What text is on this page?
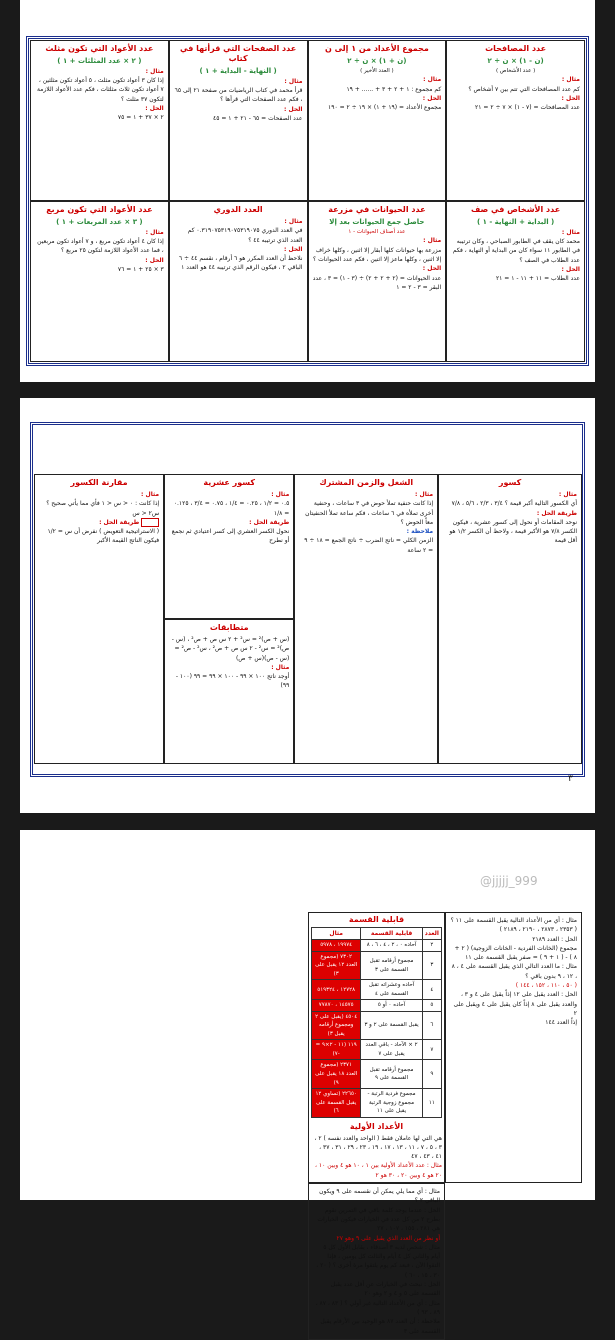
عدد المصافحات
(ن - ١) × ن ÷ ٢
( عدد الأشخاص )
مثال :
كم عدد المصافحات التي تتم بين ٧ أشخاص ؟
الحل :
عدد المصافحات = (٧ - ١) × ٧ ÷ ٢ = ٢١
مجموع الأعداد من ١ إلى ن
(ن + ١) × ن ÷ ٢
( العدد الأخير )
مثال :
كم مجموع : ١ + ٢ + ٣ + ...... + ١٩
الحل :
مجموع الأعداد = (١٩ + ١) × ١٩ ÷ ٢ = ١٩٠
عدد الصفحات التي قرأتها في كتاب
( النهاية - البداية + ١ )
مثال :
قرأ محمد في كتاب الرياضيات من صفحة ٢١ إلى ٦٥ ، فكم عدد الصفحات التي قرأها ؟
الحل :
عدد الصفحات = ٦٥ - ٢١ + ١ = ٤٥
عدد الأعواد التي تكون مثلث
( ٢ × عدد المثلثات + ١ )
مثال :
إذا كان ٣ أعواد تكون مثلث ، ٥ أعواد تكون مثلثين ، ٧ أعواد تكون ثلاث مثلثات ، فكم عدد الأعواد اللازمة لتكون ٣٧ مثلث ؟
الحل :
٢ × ٣٧ + ١ = ٧٥
عدد الأشخاص في صف
( البداية + النهاية - ١ )
مثال :
محمد كان يقف في الطابور الصباحي ، وكان ترتيبه في الطابور ١١ سواء كان من البداية أو النهاية ، فكم عدد الطلاب في الصف ؟
الحل :
عدد الطلاب = ١١ + ١١ - ١ = ٢١
عدد الحيوانات في مزرعة
حاصل جمع الحيوانات بعد إلا
عدد أصناف الحيوانات - ١
مثال :
مزرعة بها حيوانات كلها أبقار إلا اثنين ، وكلها خراف إلا اثنين ، وكلها ماعز إلا اثنين ، فكم عدد الحيوانات ؟
الحل :
عدد الحيوانات = (٢ + ٢ + ٢) ÷ (٣ - ١) = ٣ ، عدد البقر = ٣ - ٢ = ١
العدد الدوري
مثال :
في العدد الدوري ٠.٣١٩٠٧٥٣١٩٠٧٥٣١٩٠٧٥ كم العدد الذي ترتيبه ٤٤ ؟
الحل :
نلاحظ أن العدد المكرر هو ٦ أرقام ، نقسم ٤٤ ÷ ٦ الباقي ٢ ، فيكون الرقم الذي ترتيبه ٤٤ هو العدد ١
عدد الأعواد التي تكون مربع
( ٣ × عدد المربعات + ١ )
مثال :
إذا كان ٤ أعواد تكون مربع ، و ٧ أعواد تكون مربعين ، فما عدد الأعواد اللازمة لتكون ٢٥ مربع ؟
الحل :
٣ × ٢٥ + ١ = ٧٦
كسور
مثال :
أي الكسور التالية أكبر قيمة ؟ ٣/٤ ، ٢/٣ ، ٥/٦ ، ٧/٨
طريقة الحل :
نوحد المقامات أو نحول إلى كسور عشرية ، فيكون الكسر ٧/٨ هو الأكبر قيمة ، ولاحظ أن الكسر ١/٢ هو أقل قيمة
الشغل والزمن المشترك
مثال :
إذا كانت حنفية تملأ حوض في ٣ ساعات ، وحنفية أخرى تملأه في ٦ ساعات ، فكم ساعة تملأ الحنفيتان معاً الحوض ؟
ملاحظة :
الزمن الكلي = ناتج الضرب ÷ ناتج الجمع = ١٨ ÷ ٩ = ٢ ساعة
كسور عشرية
مثال :
٠.٥ = ١/٢ ، ٠.٢٥ = ١/٤ ، ٠.٧٥ = ٣/٤ ، ٠.١٢٥ = ١/٨
طريقة الحل :
نحول الكسر العشري إلى كسر اعتيادي ثم نجمع أو نطرح
مقارنة الكسور
مثال :
إذا كانت : ٠ < س < ١ فأي مما يأتي صحيح ؟ س٢ < س
طريقة الحل :
( الاستراتيجية التعويض ) نفرض أن س = ١/٢ فيكون الناتج القيمة الأكبر
متطابقات
(س + ص)² = س² + ٢ س ص + ص² ، (س - ص)² = س² - ٢ س ص + ص² ، س² - ص² = (س - ص)(س + ص)
مثال :
أوجد ناتج ١٠٠ × ٩٩ - ١٠٠ × ٩٩ = ٩٩ (١٠٠ - ٩٩)
٣
@jjjjj_999
قابلية القسمة
العدد	قابلية القسمة	مثال
٢	آحاده ٠ ، ٢ ، ٤ ، ٦ ، ٨	١٩٩٧٤ ، ٥٩٧٨
٣	مجموع أرقامه تقبل القسمة على ٣	٧٣٠٢ (مجموع العدد ١٢ يقبل على ٣)
٤	آحاده وعشراته تقبل القسمة على ٤	١٢٧٢٨ ، ٥١٩٣٢٤
٥	آحاده ٠ أو ٥	١٤٥٧٥ ، ٧٧٨٧٠
٦	يقبل القسمة على ٢ و ٣	٤٥٠٤ (يقبل على ٢ ومجموع أرقامه يقبل ٣)
٧	٢ × الآحاد - باقي العدد يقبل على ٧	١١٩ (١١ - ٢×٩ = -٧)
٩	مجموع أرقامه تقبل القسمة على ٩	٢٣٧١ (مجموع العدد ١٨ يقبل على ٩)
١١	مجموع فردية الرتبة - مجموع زوجية الرتبة يقبل على ١١	٢٢٦٥٠ (تساوي ١٢ يقبل القسمة على ٦)
الأعداد الأولية
هي التي لها عاملان فقط ( الواحد والعدد نفسه ) ٢ ، ٣ ، ٥ ، ٧ ، ١١ ، ١٣ ، ١٧ ، ١٩ ، ٢٣ ، ٢٩ ، ٣١ ، ٣٧ ، ٤١ ، ٤٣ ، ٤٧
مثال : عدد الأعداد الأولية بين ١ ، ١٠ هو ٤ وبين ١٠ ، ٢٠ هو ٤ وبين ٢٠ ، ٣٠ هو ٢
مثال : أي مما يلي يمكن أن نقسمه على ٩ ويكون الباقي ٢ ؟
الحل : عندما يوجد كلمة باقي في التمرين نقوم بطرح ٢ من كل عدد في الخيارات فيكون الخيارات هي ٢٨١ ، ١٥٥ ، ١٠٧ ، ٢٧
أو نظر من العدد الذي يقبل على ٩ وهو ٢٧
مثال : شخص لديه ٣ أصدقاء ، يقابل الأول كل ٥ أيام والثاني كل ٤ أيام والثالث كل يومين ، فإذا التقوا الآن ، فبعد كم يوم يلتقوا مرة أخرى ؟ ( ٢٠ ، ٣٠ ، ١٥ ، ٦٠ )
الحل : نبحث في الخيارات عن أقل عدد يقبل القسمة على ٥ و ٤ و ٢ وهو ٢٠
مثال : أي من الأعداد التالية غير أولي ؟ ( ٨٣ ، ٨٧ ، ٨٩ ، ٩٣ )
ملاحظة : أن العدد ٨٧ هو الوحيد بين الأرقام يقبل القسمة على ٣
مثال : أي من الأعداد التالية يقبل القسمة على ١١ ؟
( ٢٣٥٣ ، ٢٨٧٣ ، ٢١٩٠ ، ٢١٨٩ )
الحل : العدد ٢١٨٩
مجموع (الخانات الفردية - الخانات الزوجية) ( ٢ + ٨ ) - ( ١ + ٩ ) = صفر يقبل القسمة على ١١
مثال : ما العدد التالي الذي يقبل القسمة على ٤ ، ٨ ، ١٢ ، ٩ بدون باقي ؟
( ٥٠ ، ١١٠ ، ١٥٢ ، ١٤٤ )
الحل : العدد يقبل على ١٢ إذاً يقبل على ٤ و ٣ ، والعدد يقبل على ٨ إذاً كان يقبل على ٤ ويقبل على ٢
إذاً العدد ١٤٤
